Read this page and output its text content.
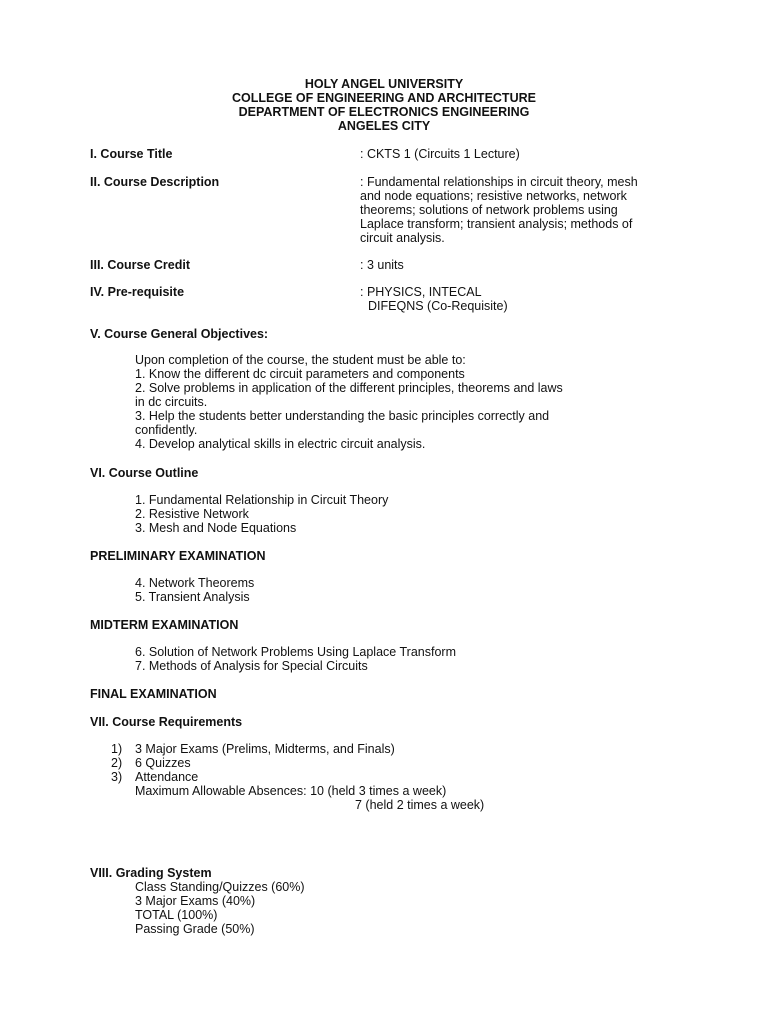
HOLY ANGEL UNIVERSITY
COLLEGE OF ENGINEERING AND ARCHITECTURE
DEPARTMENT OF ELECTRONICS ENGINEERING
ANGELES CITY
I. Course Title	: CKTS 1 (Circuits 1 Lecture)
II. Course Description	: Fundamental relationships in circuit theory, mesh
and node equations; resistive networks, network
theorems; solutions of network problems using
Laplace transform; transient analysis; methods of
circuit analysis.
III. Course Credit	: 3 units
IV. Pre-requisite	: PHYSICS, INTECAL
DIFEQNS (Co-Requisite)
V. Course General Objectives:
Upon completion of the course, the student must be able to:
1. Know the different dc circuit parameters and components
2. Solve problems in application of the different principles, theorems and laws
in dc circuits.
3. Help the students better understanding the basic principles correctly and
confidently.
4. Develop analytical skills in electric circuit analysis.
VI. Course Outline
1. Fundamental Relationship in Circuit Theory
2. Resistive Network
3. Mesh and Node Equations
PRELIMINARY EXAMINATION
4. Network Theorems
5. Transient Analysis
MIDTERM EXAMINATION
6. Solution of Network Problems Using Laplace Transform
7. Methods of Analysis for Special Circuits
FINAL EXAMINATION
VII. Course Requirements
1)	3 Major Exams (Prelims, Midterms, and Finals)
2)	6 Quizzes
3)	Attendance
Maximum Allowable Absences: 10 (held 3 times a week)
7 (held 2 times a week)
VIII. Grading System
Class Standing/Quizzes (60%)
3 Major Exams (40%)
TOTAL (100%)
Passing Grade (50%)
